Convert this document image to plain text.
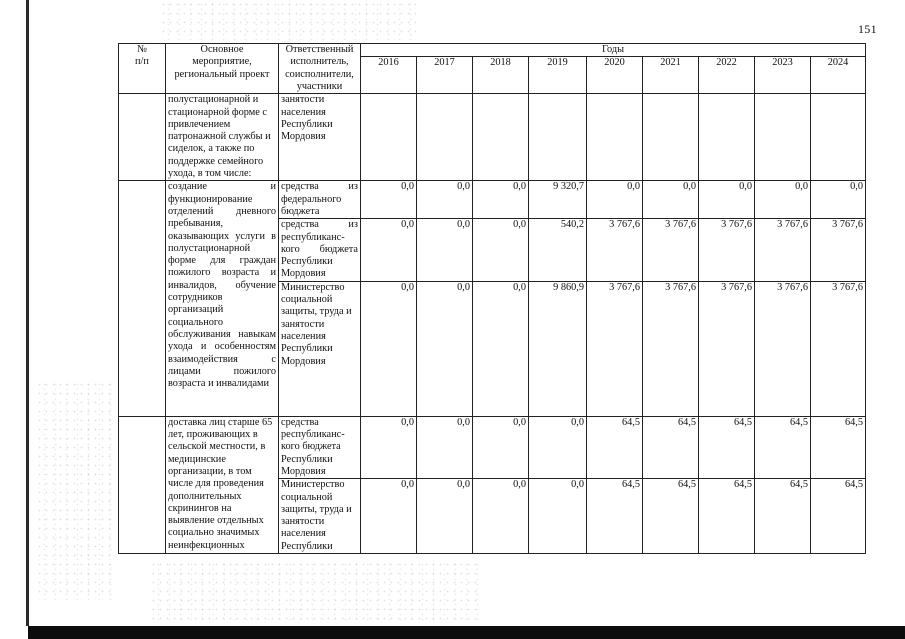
151
№
п/п	Основное
мероприятие,
региональный проект	Ответственный
исполнитель,
соисполнители,
участники	Годы								
			2016	2017	2018	2019	2020	2021	2022	2023	2024
	полустационарной и стационарной форме с привлечением патронажной службы и сиделок, а также по поддержке семейного ухода, в том числе:	занятости
населения
Республики
Мордовия									
	создание и функционирование отделений дневного пребывания, оказывающих услуги в полустационарной форме для граждан пожилого возраста и инвалидов, обучение сотрудников организаций социального обслуживания навыкам ухода и особенностям взаимодействия с лицами пожилого возраста и инвалидами	средства из федерального бюджета	0,0	0,0	0,0	9 320,7	0,0	0,0	0,0	0,0	0,0
		средства из республиканс-кого бюджета Республики Мордовия	0,0	0,0	0,0	540,2	3 767,6	3 767,6	3 767,6	3 767,6	3 767,6
		Министерство социальной защиты, труда и занятости населения Республики Мордовия	0,0	0,0	0,0	9 860,9	3 767,6	3 767,6	3 767,6	3 767,6	3 767,6
	доставка лиц старше 65 лет, проживающих в сельской местности, в медицинские организации, в том числе для проведения дополнительных скринингов на выявление отдельных социально значимых неинфекционных	средства республиканс-кого бюджета Республики Мордовия	0,0	0,0	0,0	0,0	64,5	64,5	64,5	64,5	64,5
		Министерство социальной защиты, труда и занятости населения Республики	0,0	0,0	0,0	0,0	64,5	64,5	64,5	64,5	64,5
